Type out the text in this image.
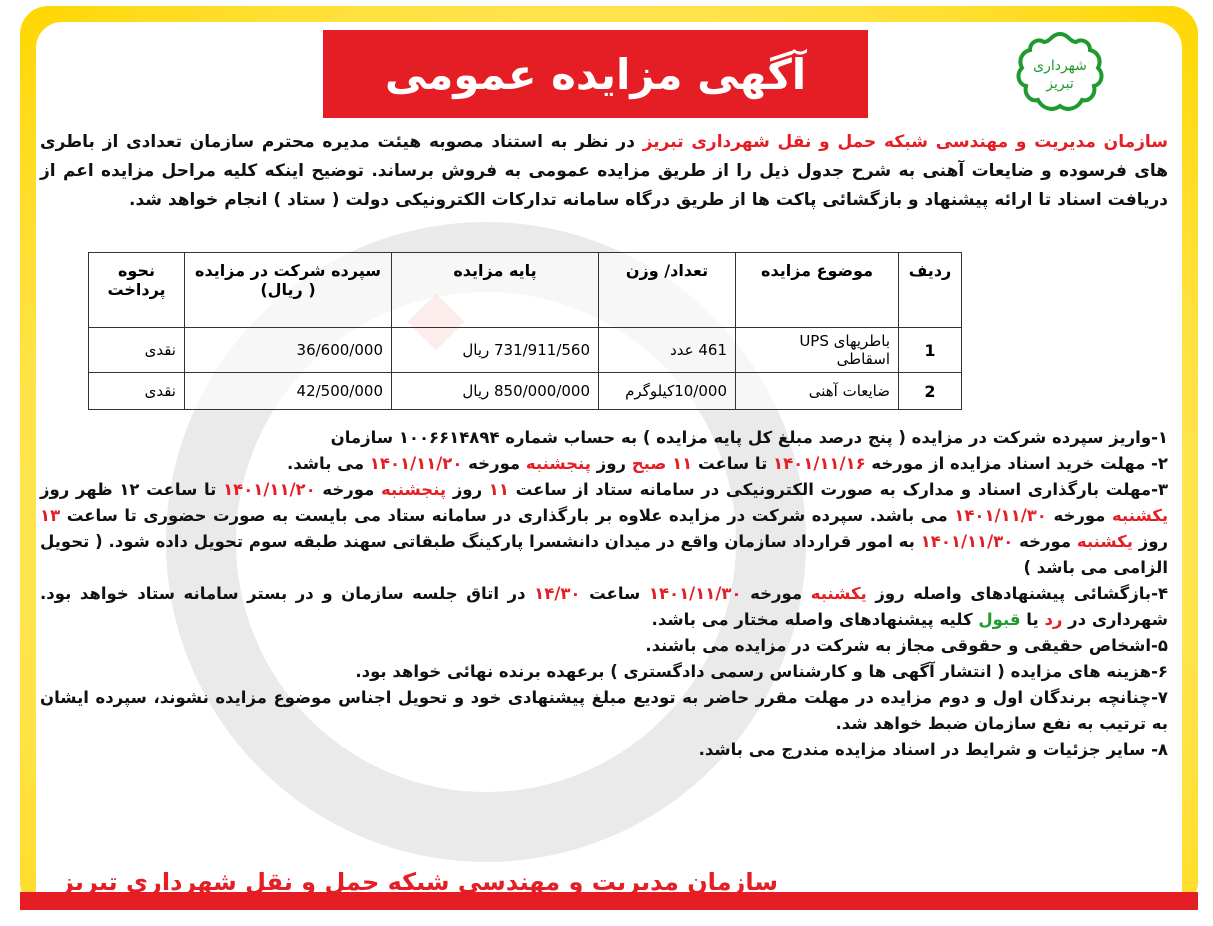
آگهی مزایده عمومی	شهرداری
تبریز
سازمان مدیریت و مهندسی شبکه حمل و نقل شهرداری تبریز در نظر به استناد مصوبه هیئت مدیره محترم سازمان تعدادی از باطری های فرسوده و ضایعات آهنی به شرح جدول ذیل را از طریق مزایده عمومی به فروش برساند. توضیح اینکه کلیه مراحل مزایده اعم از دریافت اسناد تا ارائه پیشنهاد و بازگشائی پاکت ها از طریق درگاه سامانه تدارکات الکترونیکی دولت ( ستاد ) انجام خواهد شد.
ردیف	موضوع مزایده	تعداد/ وزن	پایه مزایده	سپرده شرکت در مزایده ( ریال)	نحوه پرداخت
1	باطریهای UPS اسقاطی	461 عدد	731/911/560 ریال	36/600/000	نقدی
2	ضایعات آهنی	10/000کیلوگرم	850/000/000 ریال	42/500/000	نقدی

۱-واریز سپرده شرکت در مزایده ( پنج درصد مبلغ کل پایه مزایده ) به حساب شماره ۱۰۰۶۶۱۴۸۹۴ سازمان

۲- مهلت خرید اسناد مزایده از مورخه ۱۴۰۱/۱۱/۱۶ تا ساعت ۱۱ صبح روز پنجشنبه مورخه ۱۴۰۱/۱۱/۲۰ می باشد.

۳-مهلت بارگذاری اسناد و مدارک به صورت الکترونیکی در سامانه ستاد از ساعت ۱۱ روز پنجشنبه مورخه ۱۴۰۱/۱۱/۲۰ تا ساعت ۱۲ ظهر روز یکشنبه مورخه ۱۴۰۱/۱۱/۳۰ می باشد. سپرده شرکت در مزایده علاوه بر بارگذاری در سامانه ستاد می بایست به صورت حضوری تا ساعت ۱۳ روز یکشنبه مورخه ۱۴۰۱/۱۱/۳۰ به امور قرارداد سازمان واقع در میدان دانشسرا پارکینگ طبقاتی سهند طبقه سوم تحویل داده شود. ( تحویل الزامی می باشد )

۴-بازگشائی پیشنهادهای واصله روز یکشنبه مورخه ۱۴۰۱/۱۱/۳۰ ساعت ۱۴/۳۰ در اتاق جلسه سازمان و در بستر سامانه ستاد خواهد بود. شهرداری در رد یا قبول کلیه پیشنهادهای واصله مختار می باشد.

۵-اشخاص حقیقی و حقوقی مجاز به شرکت در مزایده می باشند.

۶-هزینه های مزایده ( انتشار آگهی ها و کارشناس رسمی دادگستری ) برعهده برنده نهائی خواهد بود.

۷-چنانچه برندگان اول و دوم مزایده در مهلت مقرر حاضر به تودیع مبلغ پیشنهادی خود و تحویل اجناس موضوع مزایده نشوند، سپرده ایشان به ترتیب به نفع سازمان ضبط خواهد شد.

۸- سایر جزئیات و شرایط در اسناد مزایده مندرج می باشد.

سازمان مدیریت و مهندسی شبکه حمل و نقل شهرداری تبریز
